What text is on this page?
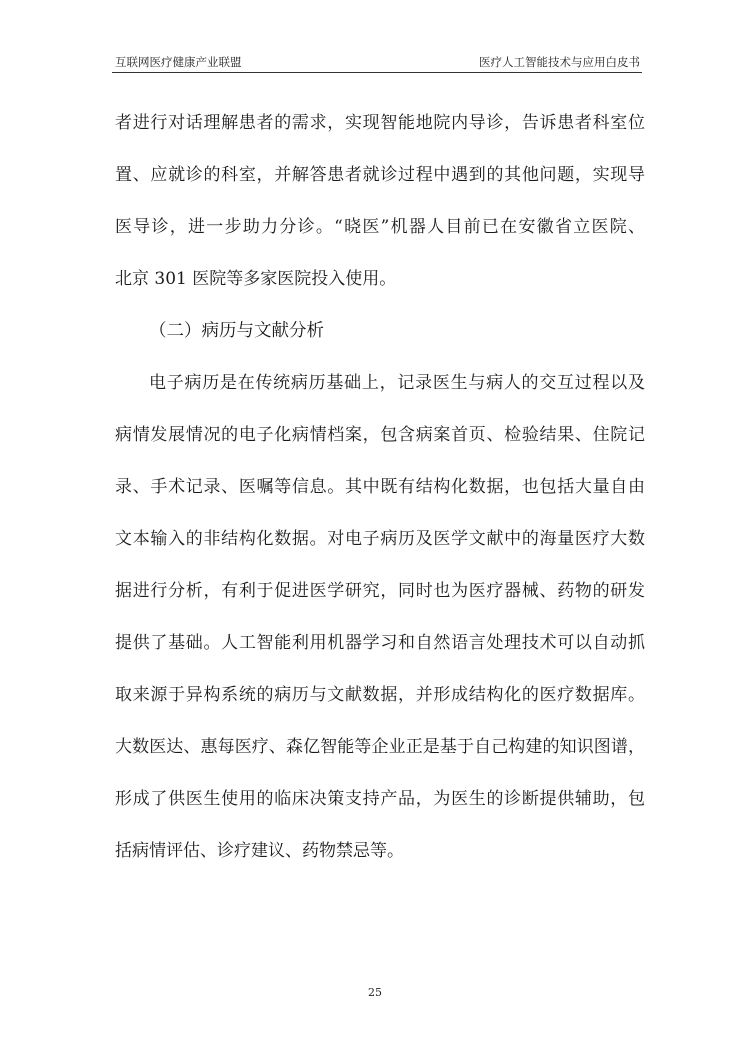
互联网医疗健康产业联盟	医疗人工智能技术与应用白皮书
者进行对话理解患者的需求，实现智能地院内导诊，告诉患者科室位
置、应就诊的科室，并解答患者就诊过程中遇到的其他问题，实现导
医导诊，进一步助力分诊。“晓医”机器人目前已在安徽省立医院、
北京 301 医院等多家医院投入使用。
（二）病历与文献分析
电子病历是在传统病历基础上，记录医生与病人的交互过程以及
病情发展情况的电子化病情档案，包含病案首页、检验结果、住院记
录、手术记录、医嘱等信息。其中既有结构化数据，也包括大量自由
文本输入的非结构化数据。对电子病历及医学文献中的海量医疗大数
据进行分析，有利于促进医学研究，同时也为医疗器械、药物的研发
提供了基础。人工智能利用机器学习和自然语言处理技术可以自动抓
取来源于异构系统的病历与文献数据，并形成结构化的医疗数据库。
大数医达、惠每医疗、森亿智能等企业正是基于自己构建的知识图谱，
形成了供医生使用的临床决策支持产品，为医生的诊断提供辅助，包
括病情评估、诊疗建议、药物禁忌等。
25
